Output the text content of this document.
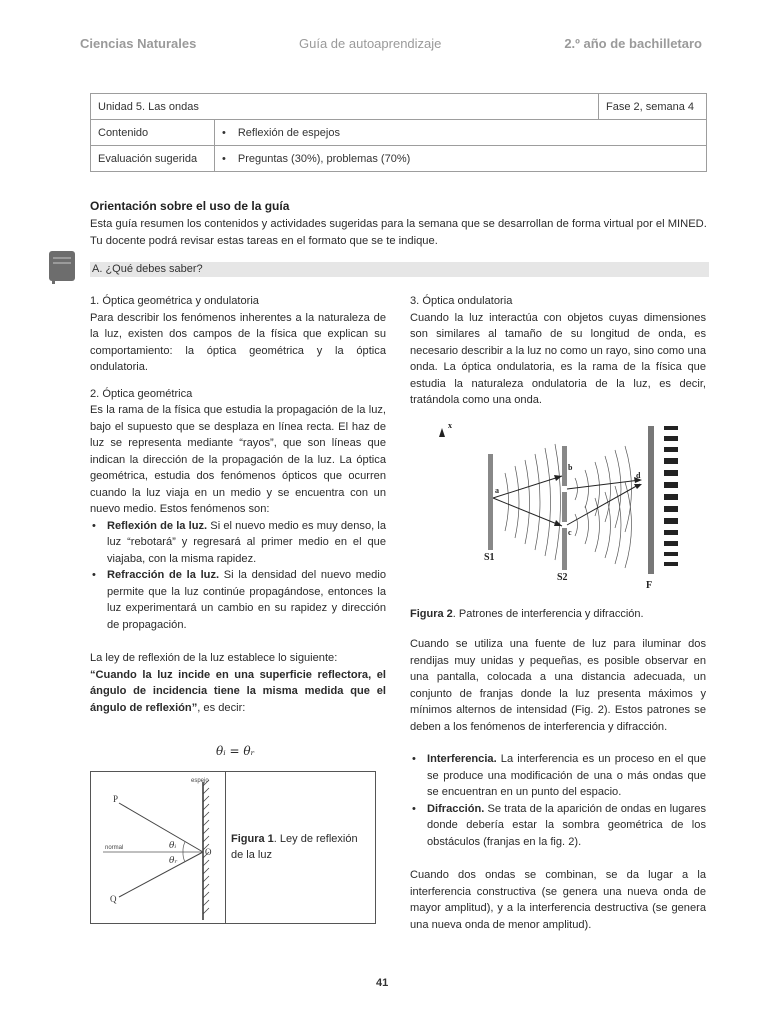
Ciencias Naturales	Guía de autoaprendizaje	2.º año de bachilletaro
Unidad 5. Las ondas		Fase 2, semana 4
Contenido	• Reflexión de espejos
Evaluación sugerida	• Preguntas (30%), problemas (70%)
Orientación sobre el uso de la guía
Esta guía resumen los contenidos y actividades sugeridas para la semana que se desarrollan de forma virtual por el MINED. Tu docente podrá revisar estas tareas en el formato que se te indique.
A. ¿Qué debes saber?

1. Óptica geométrica y ondulatoria

Para describir los fenómenos inherentes a la naturaleza de la luz, existen dos campos de la física que explican su comportamiento: la óptica geométrica y la óptica ondulatoria.

2. Óptica geométrica

Es la rama de la física que estudia la propagación de la luz, bajo el supuesto que se desplaza en línea recta. El haz de luz se representa mediante “rayos”, que son líneas que indican la dirección de la propagación de la luz. La óptica geométrica, estudia dos fenómenos ópticos que ocurren cuando la luz viaja en un medio y se encuentra con un nuevo medio. Estos fenómenos son:

• Reflexión de la luz. Si el nuevo medio es muy denso, la luz “rebotará” y regresará al primer medio en el que viajaba, con la misma rapidez.
• Refracción de la luz. Si la densidad del nuevo medio permite que la luz continúe propagándose, entonces la luz experimentará un cambio en su rapidez y dirección de propagación.

La ley de reflexión de la luz establece lo siguiente:

“Cuando la luz incide en una superficie reflectora, el ángulo de incidencia tiene la misma medida que el ángulo de reflexión”, es decir:

θᵢ = θᵣ
espejo
P
Q
O
normal	θᵢ
θᵣ
Figura 1. Ley de reflexión de la luz

3. Óptica ondulatoria

Cuando la luz interactúa con objetos cuyas dimensiones son similares al tamaño de su longitud de onda, es necesario describir a la luz no como un rayo, sino como una onda. La óptica ondulatoria, es la rama de la física que estudia la naturaleza ondulatoria de la luz, es decir, tratándola como una onda.

x
a
b
c
d
S1
S2
F
Figura 2. Patrones de interferencia y difracción.

Cuando se utiliza una fuente de luz para iluminar dos rendijas muy unidas y pequeñas, es posible observar en una pantalla, colocada a una distancia adecuada, un conjunto de franjas donde la luz presenta máximos y mínimos alternos de intensidad (Fig. 2). Estos patrones se deben a los fenómenos de interferencia y difracción.

• Interferencia. La interferencia es un proceso en el que se produce una modificación de una o más ondas que se encuentran en un punto del espacio.
• Difracción. Se trata de la aparición de ondas en lugares donde debería estar la sombra geométrica de los obstáculos (franjas en la fig. 2).

Cuando dos ondas se combinan, se da lugar a la interferencia constructiva (se genera una nueva onda de mayor amplitud), y a la interferencia destructiva (se genera una nueva onda de menor amplitud).

41
